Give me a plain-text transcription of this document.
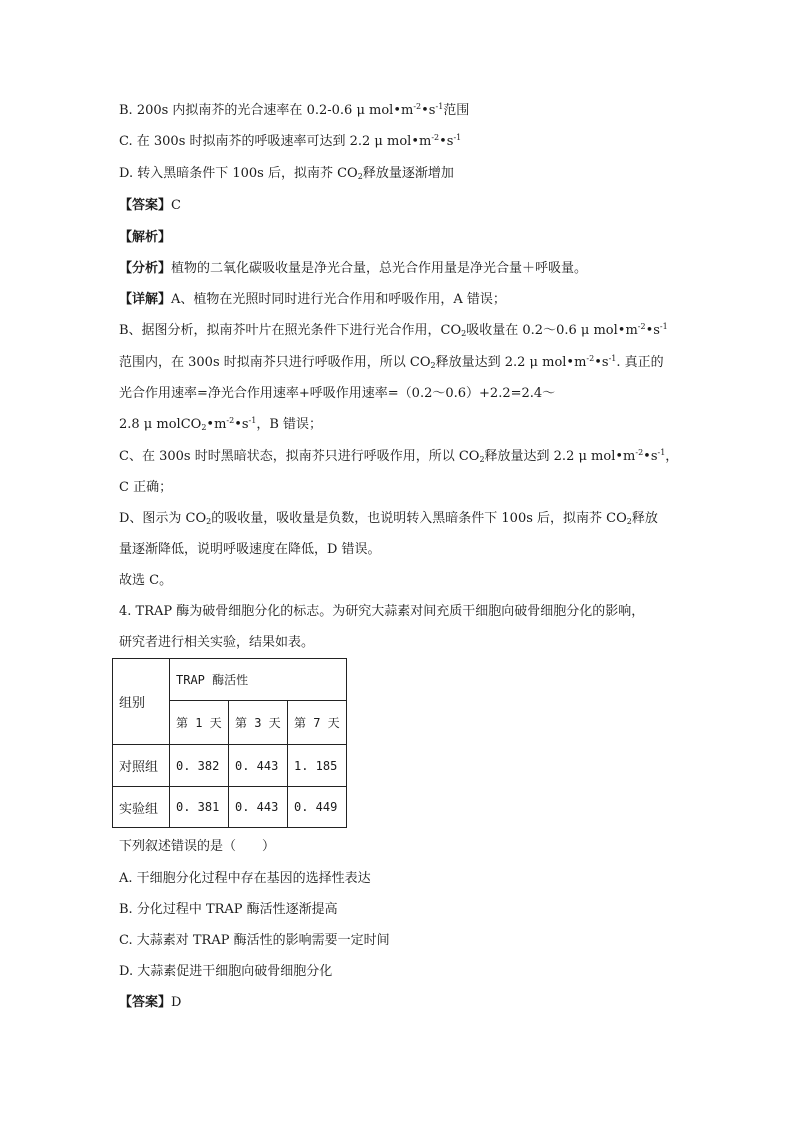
B. 200s 内拟南芥的光合速率在 0.2-0.6 μ $mol•m^{-2}•s^{-1}$范围
C. 在 300s 时拟南芥的呼吸速率可达到 2.2 μ $mol•m^{-2}•s^{-1}$
D. 转入黑暗条件下 100s 后，拟南芥 $CO_2$释放量逐渐增加
【答案】C
【解析】
【分析】植物的二氧化碳吸收量是净光合量，总光合作用量是净光合量＋呼吸量。
【详解】A、植物在光照时同时进行光合作用和呼吸作用，A 错误；
B、据图分析，拟南芥叶片在照光条件下进行光合作用，$CO_2$吸收量在 0.2～0.6 μ $mol•m^{-2}•s^{-1}$
范围内，在 300s 时拟南芥只进行呼吸作用，所以 $CO_2$释放量达到 2.2 μ $mol•m^{-2}•s^{-1}$. 真正的
光合作用速率=净光合作用速率+呼吸作用速率=（0.2～0.6）+2.2=2.4～
2.8 μ $molCO_2•m^{-2}•s^{-1}$，B 错误；
C、在 300s 时时黑暗状态，拟南芥只进行呼吸作用，所以 $CO_2$释放量达到 2.2 μ $mol•m^{-2}•s^{-1}$，
C 正确；
D、图示为 $CO_2$的吸收量，吸收量是负数，也说明转入黑暗条件下 100s 后，拟南芥 $CO_2$释放
量逐渐降低，说明呼吸速度在降低，D 错误。
故选 C。
4. TRAP 酶为破骨细胞分化的标志。为研究大蒜素对间充质干细胞向破骨细胞分化的影响，
研究者进行相关实验，结果如表。
组别	TRAP 酶活性		
	第 1 天	第 3 天	第 7 天
对照组	0. 382	0. 443	1. 185
实验组	0. 381	0. 443	0. 449
下列叙述错误的是（　　）
A. 干细胞分化过程中存在基因的选择性表达
B. 分化过程中 TRAP 酶活性逐渐提高
C. 大蒜素对 TRAP 酶活性的影响需要一定时间
D. 大蒜素促进干细胞向破骨细胞分化
【答案】D
